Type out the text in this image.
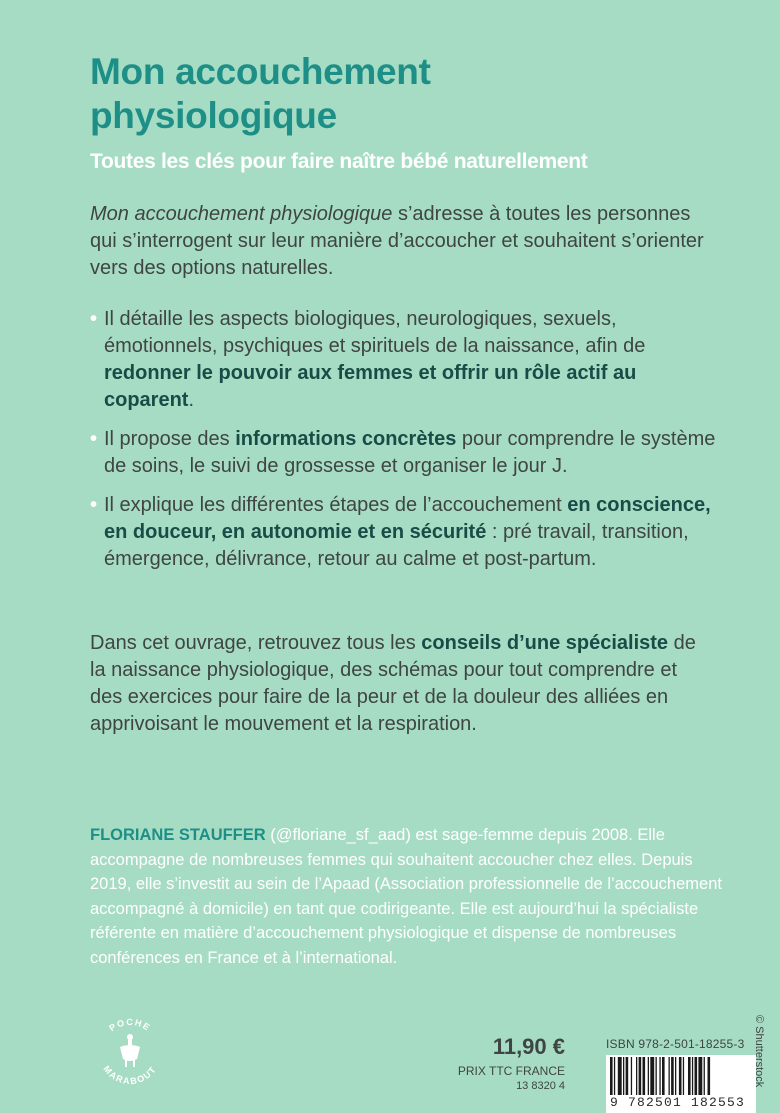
Mon accouchement
physiologique

Toutes les clés pour faire naître bébé naturellement

Mon accouchement physiologique s’adresse à toutes les personnes qui s’interrogent sur leur manière d’accoucher et souhaitent s’orienter vers des options naturelles.

• Il détaille les aspects biologiques, neurologiques, sexuels, émotionnels, psychiques et spirituels de la naissance, afin de redonner le pouvoir aux femmes et offrir un rôle actif au coparent.
• Il propose des informations concrètes pour comprendre le système de soins, le suivi de grossesse et organiser le jour J.
• Il explique les différentes étapes de l’accouchement en conscience, en douceur, en autonomie et en sécurité : pré travail, transition, émergence, délivrance, retour au calme et post-partum.

Dans cet ouvrage, retrouvez tous les conseils d’une spécialiste de la naissance physiologique, des schémas pour tout comprendre et des exercices pour faire de la peur et de la douleur des alliées en apprivoisant le mouvement et la respiration.

FLORIANE STAUFFER (@floriane_sf_aad) est sage-femme depuis 2008. Elle accompagne de nombreuses femmes qui souhaitent accoucher chez elles. Depuis 2019, elle s’investit au sein de l’Apaad (Association professionnelle de l’accouchement accompagné à domicile) en tant que codirigeante. Elle est aujourd’hui la spécialiste référente en matière d’accouchement physiologique et dispense de nombreuses conférences en France et à l’international.

POCHE
MARABOUT
11,90 €
PRIX TTC FRANCE
13 8320 4
ISBN 978-2-501-18255-3
9 782501 182553
© Shutterstock
